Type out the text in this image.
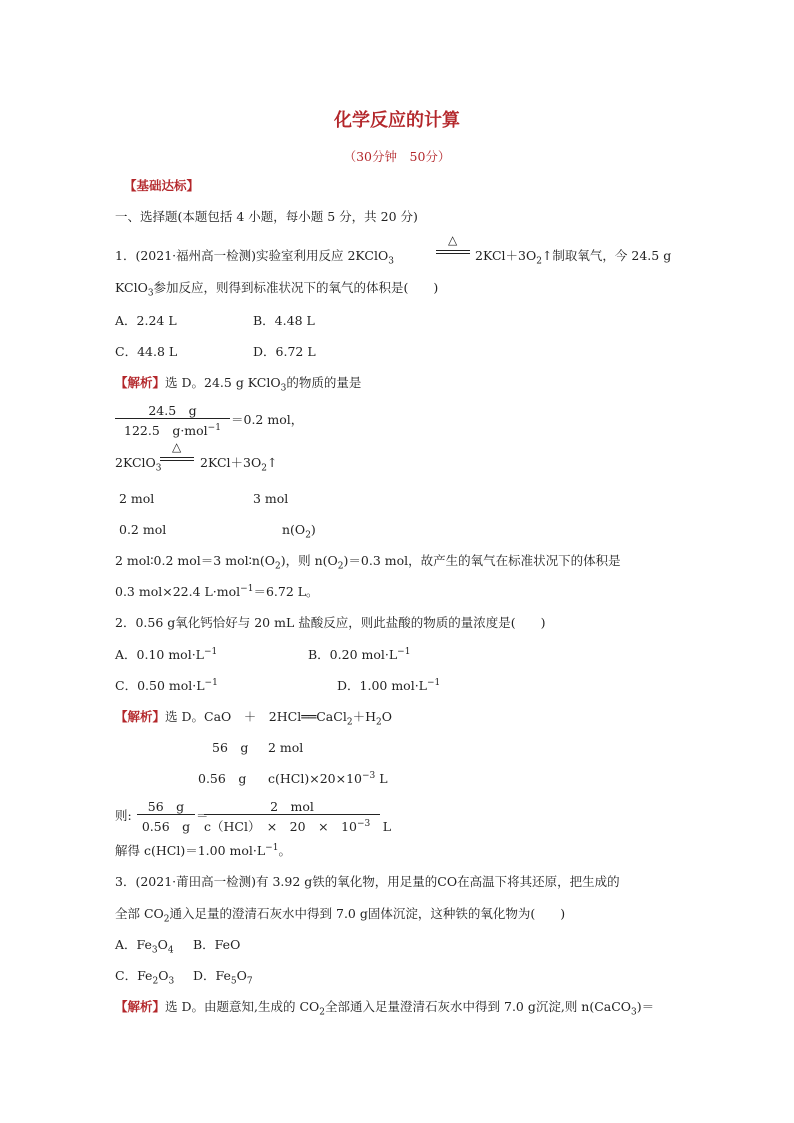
化学反应的计算
（30分钟　50分）
【基础达标】
一、选择题(本题包括 4 小题，每小题 5 分，共 20 分)
1．(2021·福州高一检测)实验室利用反应 2KClO$_3$
△
$2KCl+3O_2↑$制取氧气，今 24.5 g
KClO$_3$参加反应，则得到标准状况下的氧气的体积是(　　)
A．2.24 L	B．4.48 L
C．44.8 L	D．6.72 L
【解析】选 D。24.5 g KClO$_3$的物质的量是
24.5　g
122.5　g·mol$^{-1}$
＝0.2 mol，
2KClO$_3$
△
$2KCl+3O_2↑$
2 mol	3 mol
0.2 mol	$n(O_2)$
2 mol∶0.2 mol＝3 $mol∶n(O_2)$，则 $n(O_2)=0.3$ mol，故产生的氧气在标准状况下的体积是
0.3 mol×22.4 L·mol$^{-1}$＝6.72 L。
2．0.56 g氧化钙恰好与 20 mL 盐酸反应，则此盐酸的物质的量浓度是(　　)
A．0.10 $mol\cdot L^{-1}$	B．0.20 $mol\cdot L^{-1}$
C．0.50 $mol\cdot L^{-1}$	D．1.00 $mol\cdot L^{-1}$
【解析】选 D。CaO　＋　$2HCl══CaCl_2+H_2O$
56　g 2 mol
0.56　g $c(HCl)\times 20\times 10^{-3}$ L
则:
56　g
0.56　g
＝
2　mol
c（HCl）　×　20　×　$10^{-3}$　 L
解得 c(HCl)＝1.00 $mol\cdot L^{-1}$。
3．(2021·莆田高一检测)有 3.92 g铁的氧化物，用足量的CO在高温下将其还原，把生成的
全部 $CO_2$通入足量的澄清石灰水中得到 7.0 g固体沉淀，这种铁的氧化物为(　　)
A．$Fe_3O_4$ B．FeO
C．$Fe_2O_3$ D．$Fe_5O_7$
【解析】选 D。由题意知,生成的 $CO_2$全部通入足量澄清石灰水中得到 7.0 g沉淀,则 n(CaCO$_3$)＝
